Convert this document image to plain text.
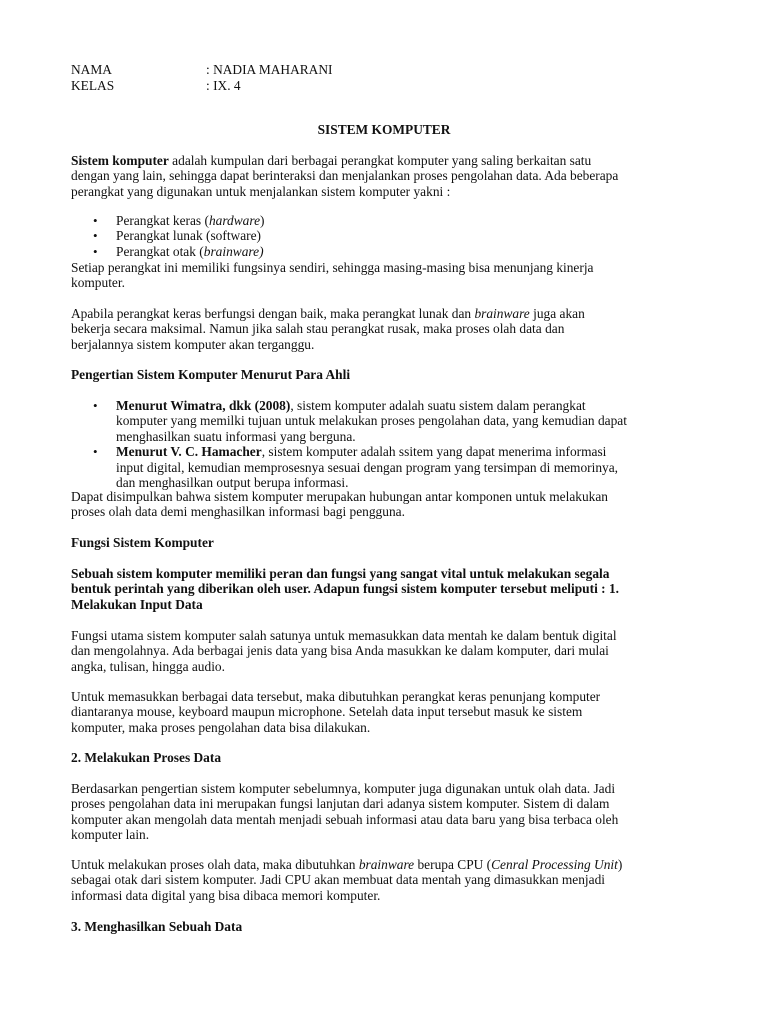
NAMA	: NADIA MAHARANI
KELAS	: IX. 4
SISTEM KOMPUTER
Sistem komputer adalah kumpulan dari berbagai perangkat komputer yang saling berkaitan satu
dengan yang lain, sehingga dapat berinteraksi dan menjalankan proses pengolahan data. Ada beberapa
perangkat yang digunakan untuk menjalankan sistem komputer yakni :
• Perangkat keras (hardware)
• Perangkat lunak (software)
• Perangkat otak (brainware)
Setiap perangkat ini memiliki fungsinya sendiri, sehingga masing-masing bisa menunjang kinerja
komputer.
Apabila perangkat keras berfungsi dengan baik, maka perangkat lunak dan brainware juga akan
bekerja secara maksimal. Namun jika salah stau perangkat rusak, maka proses olah data dan
berjalannya sistem komputer akan terganggu.
Pengertian Sistem Komputer Menurut Para Ahli
• Menurut Wimatra, dkk (2008), sistem komputer adalah suatu sistem dalam perangkat
komputer yang memilki tujuan untuk melakukan proses pengolahan data, yang kemudian dapat
menghasilkan suatu informasi yang berguna.
• Menurut V. C. Hamacher, sistem komputer adalah ssitem yang dapat menerima informasi
input digital, kemudian memprosesnya sesuai dengan program yang tersimpan di memorinya,
dan menghasilkan output berupa informasi.
Dapat disimpulkan bahwa sistem komputer merupakan hubungan antar komponen untuk melakukan
proses olah data demi menghasilkan informasi bagi pengguna.
Fungsi Sistem Komputer
Sebuah sistem komputer memiliki peran dan fungsi yang sangat vital untuk melakukan segala
bentuk perintah yang diberikan oleh user. Adapun fungsi sistem komputer tersebut meliputi : 1.
Melakukan Input Data
Fungsi utama sistem komputer salah satunya untuk memasukkan data mentah ke dalam bentuk digital
dan mengolahnya. Ada berbagai jenis data yang bisa Anda masukkan ke dalam komputer, dari mulai
angka, tulisan, hingga audio.
Untuk memasukkan berbagai data tersebut, maka dibutuhkan perangkat keras penunjang komputer
diantaranya mouse, keyboard maupun microphone. Setelah data input tersebut masuk ke sistem
komputer, maka proses pengolahan data bisa dilakukan.
2. Melakukan Proses Data
Berdasarkan pengertian sistem komputer sebelumnya, komputer juga digunakan untuk olah data. Jadi
proses pengolahan data ini merupakan fungsi lanjutan dari adanya sistem komputer. Sistem di dalam
komputer akan mengolah data mentah menjadi sebuah informasi atau data baru yang bisa terbaca oleh
komputer lain.
Untuk melakukan proses olah data, maka dibutuhkan brainware berupa CPU (Cenral Processing Unit)
sebagai otak dari sistem komputer. Jadi CPU akan membuat data mentah yang dimasukkan menjadi
informasi data digital yang bisa dibaca memori komputer.
3. Menghasilkan Sebuah Data
